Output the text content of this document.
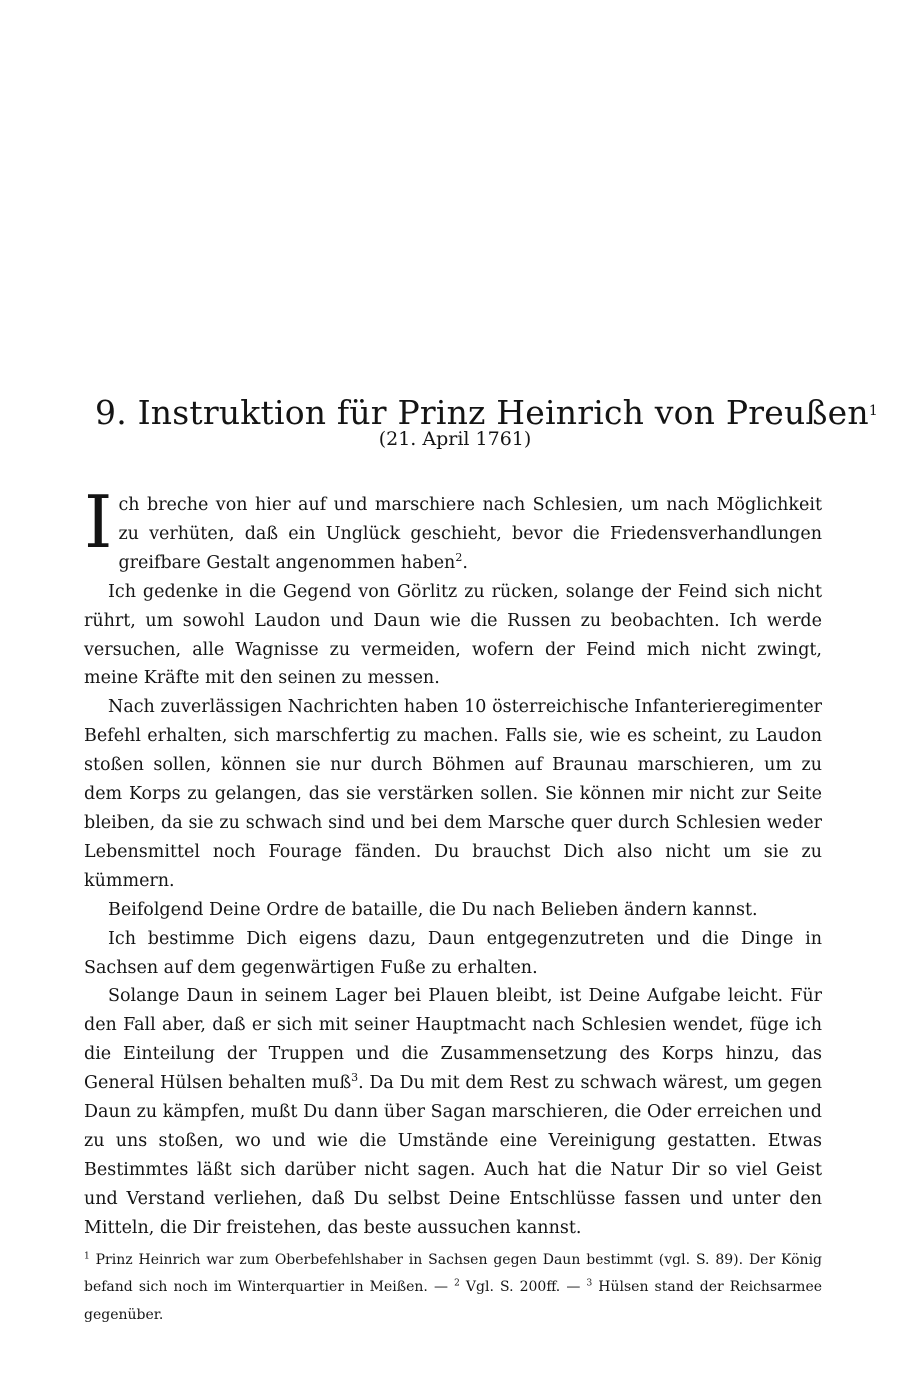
9. Instruktion für Prinz Heinrich von Preußen$^1$
(21. April 1761)

Ich breche von hier auf und marschiere nach Schlesien, um nach Möglichkeit zu verhüten, daß ein Unglück geschieht, bevor die Friedensverhandlungen greifbare Gestalt angenommen haben$^2$.

Ich gedenke in die Gegend von Görlitz zu rücken, solange der Feind sich nicht rührt, um sowohl Laudon und Daun wie die Russen zu beobachten. Ich werde versuchen, alle Wagnisse zu vermeiden, wofern der Feind mich nicht zwingt, meine Kräfte mit den seinen zu messen.

Nach zuverlässigen Nachrichten haben 10 österreichische Infanterieregimenter Befehl erhalten, sich marschfertig zu machen. Falls sie, wie es scheint, zu Laudon stoßen sollen, können sie nur durch Böhmen auf Braunau marschieren, um zu dem Korps zu gelangen, das sie verstärken sollen. Sie können mir nicht zur Seite bleiben, da sie zu schwach sind und bei dem Marsche quer durch Schlesien weder Lebensmittel noch Fourage fänden. Du brauchst Dich also nicht um sie zu kümmern.

Beifolgend Deine Ordre de bataille, die Du nach Belieben ändern kannst.

Ich bestimme Dich eigens dazu, Daun entgegenzutreten und die Dinge in Sachsen auf dem gegenwärtigen Fuße zu erhalten.

Solange Daun in seinem Lager bei Plauen bleibt, ist Deine Aufgabe leicht. Für den Fall aber, daß er sich mit seiner Hauptmacht nach Schlesien wendet, füge ich die Einteilung der Truppen und die Zusammensetzung des Korps hinzu, das General Hülsen behalten muß$^3$. Da Du mit dem Rest zu schwach wärest, um gegen Daun zu kämpfen, mußt Du dann über Sagan marschieren, die Oder erreichen und zu uns stoßen, wo und wie die Umstände eine Vereinigung gestatten. Etwas Bestimmtes läßt sich darüber nicht sagen. Auch hat die Natur Dir so viel Geist und Verstand verliehen, daß Du selbst Deine Entschlüsse fassen und unter den Mitteln, die Dir freistehen, das beste aussuchen kannst.

$^1$ Prinz Heinrich war zum Oberbefehlshaber in Sachsen gegen Daun bestimmt (vgl. S. 89). Der König befand sich noch im Winterquartier in Meißen. — $^2$ Vgl. S. 200ff. — $^3$ Hülsen stand der Reichsarmee gegenüber.
